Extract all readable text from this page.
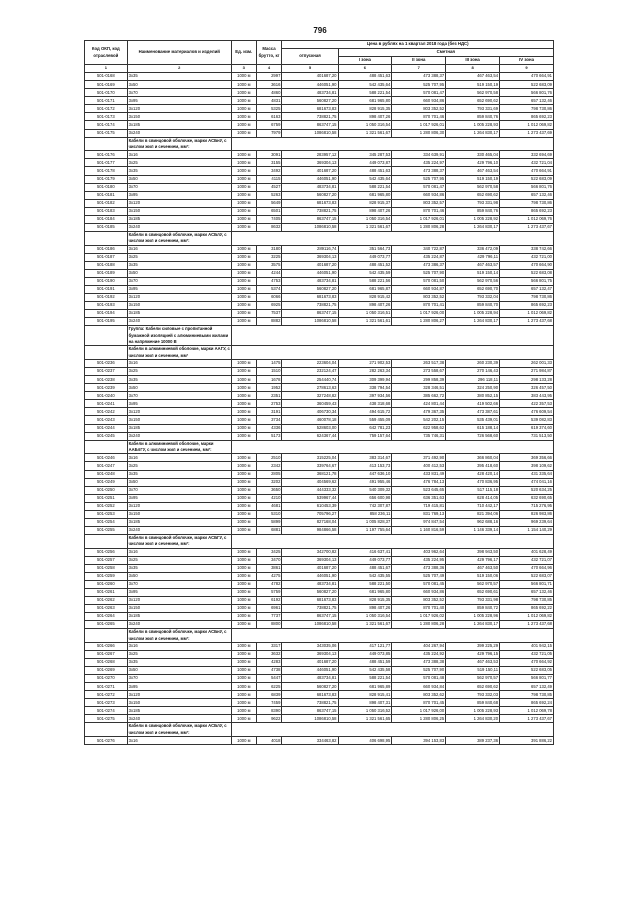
796
Код ОКП, код отраслевой	Наименование материалов и изделий	Ед. изм.	Масса брутто, кг	Цена в рублях на 1 квартал 2018 года (без НДС)				
				отпускная	Сметная			
					I зона	II зона	III зона	IV зона
1	2	3	4	5	6	7	8	9
501-0168	3х35	1000 м	2997	401687,20	488 451,63	473 388,37	467 463,54	470 664,91
501-0169	3х50	1000 м	3616	446051,90	542 435,64	525 707,95	519 150,19	522 683,09
501-0170	3х70	1000 м	4860	483734,81	588 221,54	570 081,47	562 970,58	566 801,76
501-0171	3х95	1000 м	4831	560827,20	681 965,80	660 934,86	652 690,62	657 132,46
501-0172	3х120	1000 м	5325	681673,83	828 915,35	803 352,52	793 331,69	798 730,86
501-0173	3х150	1000 м	6163	738821,75	898 407,26	870 701,46	859 840,76	865 692,23
501-0174	3х185	1000 м	6759	863747,15	1 050 316,54	1 017 926,01	1 005 228,93	1 012 069,82
501-0175	3х240	1000 м	7979	1086810,58	1 321 561,67	1 280 806,30	1 264 830,17	1 273 437,69
	Кабели в свинцовой оболочке, марки АСБнУ, с числом жил и сечением, мм²:							
501-0176	3х16	1000 м	3091	283957,12	345 287,53	334 639,91	330 465,04	332 694,69
501-0177	3х25	1000 м	3155	369304,13	449 073,87	435 224,97	429 796,10	432 721,04
501-0178	3х35	1000 м	3492	401687,20	488 451,63	473 388,37	467 463,54	470 664,91
501-0179	3х50	1000 м	4115	446051,90	542 435,64	525 707,95	519 150,19	522 683,09
501-0180	3х70	1000 м	4527	483734,81	588 221,54	570 081,47	562 970,58	566 801,76
501-0181	3х95	1000 м	5263	560827,20	681 965,80	660 934,86	652 690,62	657 132,46
501-0182	3х120	1000 м	5649	681673,83	828 915,37	803 352,57	793 331,98	798 730,86
501-0183	3х150	1000 м	6501	738821,75	898 407,26	870 701,46	859 840,76	865 692,23
501-0184	3х185	1000 м	7405	863747,15	1 050 316,54	1 017 926,01	1 005 228,92	1 012 069,76
501-0185	3х240	1000 м	8632	1086810,58	1 321 561,67	1 280 806,28	1 264 830,17	1 273 437,67
	Кабели в свинцовой оболочке, марки АСБлУ, с числом жил и сечением, мм²:							
501-0186	3х16	1000 м	3180	289116,74	351 564,73	340 722,87	336 472,09	338 742,66
501-0187	3х25	1000 м	3225	369304,13	449 073,77	435 224,87	429 796,11	432 721,00
501-0188	3х35	1000 м	3575	401687,20	488 451,52	473 386,37	467 463,57	470 664,90
501-0189	3х50	1000 м	4244	446051,90	542 435,59	525 707,90	519 150,14	522 683,08
501-0190	3х70	1000 м	4753	483734,81	588 221,56	570 081,50	562 970,56	566 801,75
501-0191	3х95	1000 м	5374	560827,20	681 965,87	660 934,87	652 690,70	657 132,47
501-0192	3х120	1000 м	6066	681673,83	828 915,42	803 352,52	793 332,04	798 730,86
501-0193	3х150	1000 м	6925	738821,75	898 407,26	870 701,41	859 840,70	865 692,23
501-0194	3х185	1000 м	7537	863747,15	1 050 316,51	1 017 926,00	1 005 228,94	1 012 069,82
501-0195	3х240	1000 м	8882	1086810,58	1 321 561,61	1 280 806,27	1 264 830,17	1 273 437,68
	Группа: Кабели силовые с пропитанной бумажной изоляцией с алюминиевыми жилами на напряжение 10000 В							
	Кабели в алюминиевой оболочке, марки ААГУ, с числом жил и сечением, мм²							
501-0236	3х16	1000 м	1475	223604,04	271 902,53	263 517,38	260 230,39	262 001,33
501-0237	3х25	1000 м	1510	232124,47	282 263,34	273 558,67	270 146,43	271 984,87
501-0238	3х35	1000 м	1678	254440,74	309 399,94	299 858,39	296 118,11	298 133,28
501-0239	3х50	1000 м	1952	278613,63	338 794,54	328 346,51	324 250,90	326 457,50
501-0240	3х70	1000 м	2351	327248,82	397 934,56	385 662,72	380 852,15	383 443,95
501-0241	3х95	1000 м	2753	360459,43	438 318,68	424 801,44	419 502,66	422 357,53
501-0242	3х120	1000 м	3191	406730,34	494 615,72	479 367,35	473 387,61	476 609,54
501-0243	3х150	1000 м	3734	460078,18	559 455,09	542 202,15	535 439,01	539 082,83
501-0244	3х185	1000 м	4336	528603,00	642 781,23	622 958,62	615 188,14	619 374,60
501-0245	3х240	1000 м	5173	624367,44	759 157,64	735 746,31	726 568,60	731 513,50
	Кабели в алюминиевой оболочке, марки ААБлГУ, с числом жил и сечением, мм²:							
501-0246	3х16	1000 м	2510	315225,04	383 314,67	371 492,90	366 860,04	369 356,66
501-0247	3х25	1000 м	2342	339764,67	413 153,73	400 412,53	395 418,60	398 109,62
501-0248	3х35	1000 м	2805	368121,78	447 636,10	433 831,49	428 420,14	431 335,64
501-0249	3х50	1000 м	3202	404569,62	491 955,46	476 784,13	470 836,95	474 041,16
501-0250	3х70	1000 м	3650	444333,32	540 309,32	523 645,65	517 115,18	520 634,25
501-0251	3х95	1000 м	4210	539967,44	656 600,98	636 351,63	628 414,05	632 690,65
501-0252	3х120	1000 м	4681	610453,39	742 307,87	719 415,81	710 442,17	715 276,95
501-0253	3х150	1000 м	5310	705796,27	858 236,11	831 769,13	821 394,06	826 983,86
501-0254	3х185	1000 м	5899	827168,04	1 005 828,37	974 847,54	962 688,16	969 239,64
501-0255	3х240	1000 м	6881	984866,58	1 197 755,64	1 160 816,59	1 146 339,14	1 154 140,29
	Кабели в свинцовой оболочке, марки АСБГУ, с числом жил и сечением, мм²:							
501-0256	3х16	1000 м	3425	342700,82	416 637,41	403 962,64	398 943,50	401 628,49
501-0257	3х25	1000 м	3470	369304,13	449 073,77	435 224,95	429 796,17	432 721,07
501-0258	3х35	1000 м	3861	401687,20	488 451,67	473 388,36	467 463,50	470 664,96
501-0259	3х50	1000 м	4275	446051,90	542 435,55	525 707,49	519 150,06	522 683,07
501-0260	3х70	1000 м	4782	483734,81	588 221,50	570 081,45	562 970,57	566 801,71
501-0261	3х95	1000 м	5759	560827,20	681 965,80	660 934,86	652 690,61	657 132,46
501-0262	3х120	1000 м	6192	681673,83	828 915,35	803 352,52	793 331,98	798 730,85
501-0263	3х150	1000 м	6961	738821,75	898 407,26	870 701,40	859 840,72	865 692,22
501-0264	3х185	1000 м	7737	863747,15	1 050 316,54	1 017 926,02	1 005 228,96	1 012 069,82
501-0265	3х240	1000 м	8800	1086810,58	1 321 561,67	1 280 806,28	1 264 830,17	1 273 437,68
	Кабели в свинцовой оболочке, марки АСБнУ, с числом жил и сечением, мм²:							
501-0266	3х16	1000 м	3317	343035,06	417 121,77	404 267,94	399 225,29	401 942,15
501-0267	3х25	1000 м	3632	369304,13	449 073,85	435 224,92	429 796,15	432 721,05
501-0268	3х35	1000 м	4283	401687,20	488 451,59	473 388,38	467 463,53	470 664,92
501-0269	3х50	1000 м	4738	446051,90	542 435,58	525 707,90	519 150,11	522 683,05
501-0270	3х70	1000 м	5447	483734,81	588 221,54	570 081,48	562 970,57	566 801,77
501-0271	3х95	1000 м	6225	560827,20	681 965,89	660 934,84	652 690,62	657 132,49
501-0272	3х120	1000 м	6839	681673,83	828 915,41	803 352,62	793 332,03	798 730,85
501-0273	3х150	1000 м	7459	738821,75	898 407,31	870 701,45	859 840,68	865 692,24
501-0274	3х185	1000 м	8390	863747,15	1 050 316,52	1 017 926,00	1 005 228,93	1 012 069,78
501-0275	3х240	1000 м	9622	1086810,58	1 321 561,65	1 280 806,25	1 264 830,20	1 273 437,67
	Кабели в свинцовой оболочке, марки АСБлУ, с числом жил и сечением, мм²:							
501-0276	3х16	1000 м	4018	334463,82	406 698,95	394 153,83	389 237,36	391 886,22
